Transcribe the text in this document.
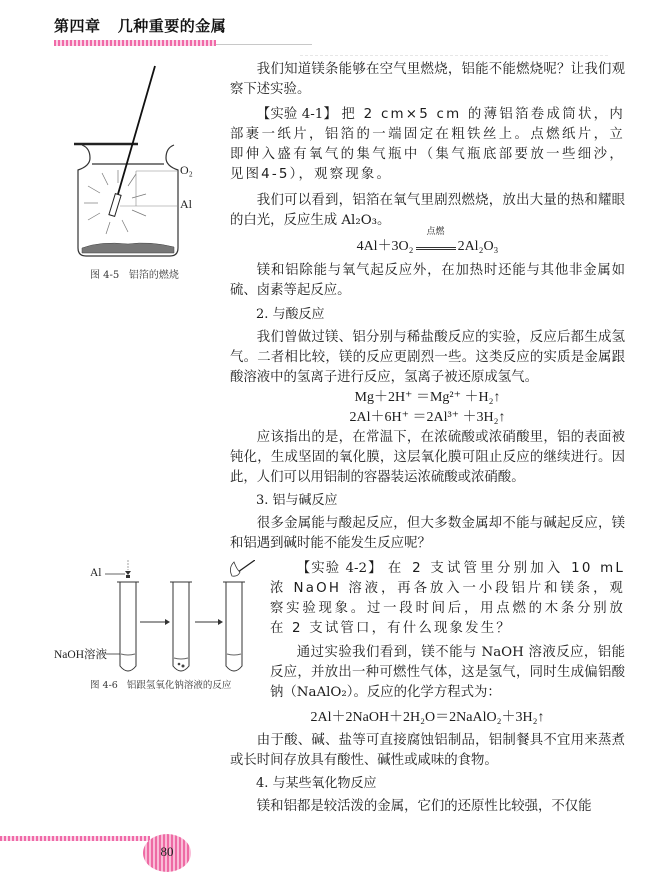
第四章 几种重要的金属
O₂
Al
图 4-5   铝箔的燃烧

我们知道镁条能够在空气里燃烧，铝能不能燃烧呢？让我们观察下述实验。

【实验 4-1】 把 2 cm×5 cm 的薄铝箔卷成筒状，内部裹一纸片，铝箔的一端固定在粗铁丝上。点燃纸片，立即伸入盛有氧气的集气瓶中（集气瓶底部要放一些细沙，见图4-5），观察现象。

我们可以看到，铝箔在氧气里剧烈燃烧，放出大量的热和耀眼的白光，反应生成 Al₂O₃。

4Al＋3O₂
点燃
2Al₂O₃

镁和铝除能与氧气起反应外，在加热时还能与其他非金属如硫、卤素等起反应。

2. 与酸反应

我们曾做过镁、铝分别与稀盐酸反应的实验，反应后都生成氢气。二者相比较，镁的反应更剧烈一些。这类反应的实质是金属跟酸溶液中的氢离子进行反应，氢离子被还原成氢气。

Mg＋2H⁺ ＝Mg²⁺ ＋H₂↑

2Al＋6H⁺ ＝2Al³⁺ ＋3H₂↑

应该指出的是，在常温下，在浓硫酸或浓硝酸里，铝的表面被钝化，生成坚固的氧化膜，这层氧化膜可阻止反应的继续进行。因此，人们可以用铝制的容器装运浓硫酸或浓硝酸。

3. 铝与碱反应

很多金属能与酸起反应，但大多数金属却不能与碱起反应，镁和铝遇到碱时能不能发生反应呢？

【实验 4-2】 在 2 支试管里分别加入 10 mL 浓 NaOH 溶液，再各放入一小段铝片和镁条，观察实验现象。过一段时间后，用点燃的木条分别放在 2 支试管口，有什么现象发生？

通过实验我们看到，镁不能与 NaOH 溶液反应，铝能反应，并放出一种可燃性气体，这是氢气，同时生成偏铝酸钠（NaAlO₂）。反应的化学方程式为：

2Al＋2NaOH＋2H₂O＝2NaAlO₂＋3H₂↑

由于酸、碱、盐等可直接腐蚀铝制品，铝制餐具不宜用来蒸煮或长时间存放具有酸性、碱性或咸味的食物。

4. 与某些氧化物反应

镁和铝都是较活泼的金属，它们的还原性比较强，不仅能

Al
NaOH溶液
图 4-6   铝跟氢氧化钠溶液的反应
80
